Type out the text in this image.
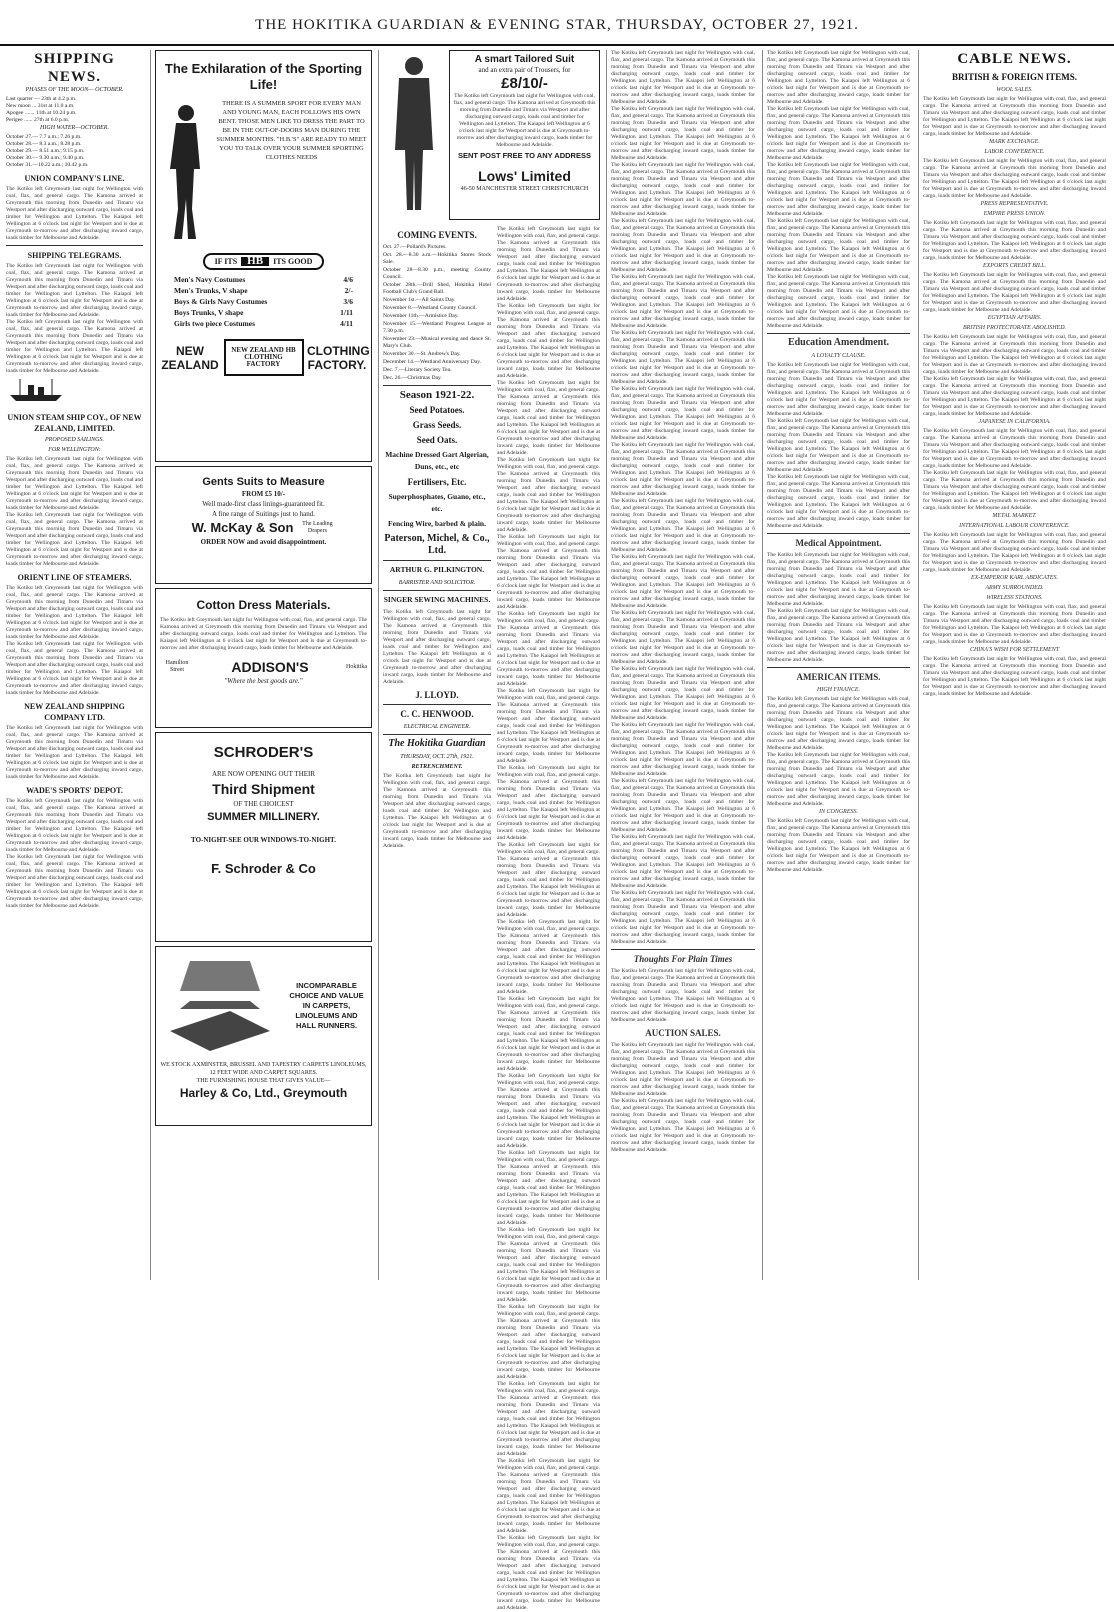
THE HOKITIKA GUARDIAN & EVENING STAR, THURSDAY, OCTOBER 27, 1921.
SHIPPING NEWS.
PHASES OF THE MOON— OCTOBER.
Last quarter — 23th at 4.2 p.m.
New moon ... 31st at 11.0 a.m.
Apogee ....... 11th at 10.24 p.m.
Perigee ...... 27th at 6.0 p.m.
HIGH WATER—OCTOBER.
October 27.— 7.7 a.m.; 7.26 p.m.
October 28.— 8.3 a.m.; 8.28 p.m.
October 29.— 8.51 a.m.; 9.15 p.m.
October 30.— 9.30 a.m.; 9.40 p.m.
October 31.—10.22 a.m.; 10.42 p.m.
UNION COMPANY'S LINE.
The Kotiku left Greymouth last night for Wellington with coal, flax, and general cargo. The Kamona arrived at Greymouth this morning from Dunedin and Timaru via Westport and after discharging outward cargo, loads coal and timber for Wellington and Lyttelton. The Kaiapoi left Wellington at 6 o'clock last night for Westport and is due at Greymouth to-morrow and after discharging inward cargo, loads timber for Melbourne and Adelaide.
SHIPPING TELEGRAMS.
The Kotiku left Greymouth last night for Wellington with coal, flax, and general cargo. The Kamona arrived at Greymouth this morning from Dunedin and Timaru via Westport and after discharging outward cargo, loads coal and timber for Wellington and Lyttelton. The Kaiapoi left Wellington at 6 o'clock last night for Westport and is due at Greymouth to-morrow and after discharging inward cargo, loads timber for Melbourne and Adelaide.
The Kotiku left Greymouth last night for Wellington with coal, flax, and general cargo. The Kamona arrived at Greymouth this morning from Dunedin and Timaru via Westport and after discharging outward cargo, loads coal and timber for Wellington and Lyttelton. The Kaiapoi left Wellington at 6 o'clock last night for Westport and is due at Greymouth to-morrow and after discharging inward cargo, loads timber for Melbourne and Adelaide.
UNION STEAM SHIP COY., OF NEW ZEALAND, LIMITED.
PROPOSED SAILINGS.
FOR WELLINGTON:
The Kotiku left Greymouth last night for Wellington with coal, flax, and general cargo. The Kamona arrived at Greymouth this morning from Dunedin and Timaru via Westport and after discharging outward cargo, loads coal and timber for Wellington and Lyttelton. The Kaiapoi left Wellington at 6 o'clock last night for Westport and is due at Greymouth to-morrow and after discharging inward cargo, loads timber for Melbourne and Adelaide.
The Kotiku left Greymouth last night for Wellington with coal, flax, and general cargo. The Kamona arrived at Greymouth this morning from Dunedin and Timaru via Westport and after discharging outward cargo, loads coal and timber for Wellington and Lyttelton. The Kaiapoi left Wellington at 6 o'clock last night for Westport and is due at Greymouth to-morrow and after discharging inward cargo, loads timber for Melbourne and Adelaide.
ORIENT LINE OF STEAMERS.
The Kotiku left Greymouth last night for Wellington with coal, flax, and general cargo. The Kamona arrived at Greymouth this morning from Dunedin and Timaru via Westport and after discharging outward cargo, loads coal and timber for Wellington and Lyttelton. The Kaiapoi left Wellington at 6 o'clock last night for Westport and is due at Greymouth to-morrow and after discharging inward cargo, loads timber for Melbourne and Adelaide.
The Kotiku left Greymouth last night for Wellington with coal, flax, and general cargo. The Kamona arrived at Greymouth this morning from Dunedin and Timaru via Westport and after discharging outward cargo, loads coal and timber for Wellington and Lyttelton. The Kaiapoi left Wellington at 6 o'clock last night for Westport and is due at Greymouth to-morrow and after discharging inward cargo, loads timber for Melbourne and Adelaide.
NEW ZEALAND SHIPPING COMPANY LTD.
The Kotiku left Greymouth last night for Wellington with coal, flax, and general cargo. The Kamona arrived at Greymouth this morning from Dunedin and Timaru via Westport and after discharging outward cargo, loads coal and timber for Wellington and Lyttelton. The Kaiapoi left Wellington at 6 o'clock last night for Westport and is due at Greymouth to-morrow and after discharging inward cargo, loads timber for Melbourne and Adelaide.
WADE'S SPORTS' DEPOT.
The Kotiku left Greymouth last night for Wellington with coal, flax, and general cargo. The Kamona arrived at Greymouth this morning from Dunedin and Timaru via Westport and after discharging outward cargo, loads coal and timber for Wellington and Lyttelton. The Kaiapoi left Wellington at 6 o'clock last night for Westport and is due at Greymouth to-morrow and after discharging inward cargo, loads timber for Melbourne and Adelaide.
The Kotiku left Greymouth last night for Wellington with coal, flax, and general cargo. The Kamona arrived at Greymouth this morning from Dunedin and Timaru via Westport and after discharging outward cargo, loads coal and timber for Wellington and Lyttelton. The Kaiapoi left Wellington at 6 o'clock last night for Westport and is due at Greymouth to-morrow and after discharging inward cargo, loads timber for Melbourne and Adelaide.
The Exhilaration of the Sporting Life!
THERE IS A SUMMER SPORT FOR EVERY MAN AND YOUNG MAN, EACH FOLLOWS HIS OWN BENT. THOSE MEN LIKE TO DRESS THE PART TO BE IN THE OUT-OF-DOORS MAN DURING THE SUMMER MONTHS. "H.B.'S" ARE READY TO MEET YOU TO TALK OVER YOUR SUMMER SPORTING CLOTHES NEEDS
IF ITS HB ITS GOOD
Men's Navy Costumes	4/6
Men's Trunks, V shape	2/-
Boys & Girls Navy Costumes	3/6
Boys Trunks, V shape	1/11
Girls two piece Costumes	4/11
NEW ZEALAND
NEW ZEALAND HB CLOTHING FACTORY
CLOTHING FACTORY.
Gents Suits to Measure
FROM £5 10/-
Well made-first class linings-guaranteed fit.
A fine range of Suitings just to hand.
W. McKay & Son	The Leading Drapers
ORDER NOW and avoid disappointment.
Cotton Dress Materials.
The Kotiku left Greymouth last night for Wellington with coal, flax, and general cargo. The Kamona arrived at Greymouth this morning from Dunedin and Timaru via Westport and after discharging outward cargo, loads coal and timber for Wellington and Lyttelton. The Kaiapoi left Wellington at 6 o'clock last night for Westport and is due at Greymouth to-morrow and after discharging inward cargo, loads timber for Melbourne and Adelaide.
Hamilton Street	ADDISON'S	Hokitika
"Where the best goods are."
SCHRODER'S
ARE NOW OPENING OUT THEIR
Third Shipment
OF THE CHOICEST
SUMMER MILLINERY.
TO-NIGHT-SEE OUR WINDOWS-TO-NIGHT.
F. Schroder & Co
INCOMPARABLE CHOICE AND VALUE IN CARPETS, LINOLEUMS AND HALL RUNNERS.
WE STOCK AXMINSTER, BRUSSEL AND TAPESTRY CARPETS LINOLEUMS, 12 FEET WIDE AND CARPET SQUARES.
THE FURNISHING HOUSE THAT GIVES VALUE—
Harley & Co, Ltd., Greymouth
A smart Tailored Suit
and an extra pair of Trousers, for
£8/10/-
The Kotiku left Greymouth last night for Wellington with coal, flax, and general cargo. The Kamona arrived at Greymouth this morning from Dunedin and Timaru via Westport and after discharging outward cargo, loads coal and timber for Wellington and Lyttelton. The Kaiapoi left Wellington at 6 o'clock last night for Westport and is due at Greymouth to-morrow and after discharging inward cargo, loads timber for Melbourne and Adelaide.
SENT POST FREE TO ANY ADDRESS
Lows' Limited
46-50 MANCHESTER STREET CHRISTCHURCH
COMING EVENTS.
Oct. 27.—Pollard's Pictures.
Oct. 28.—8.30 a.m.—Hokitika Stores Stock Sale.
October 28—8.30 p.m., meeting County Council.
October 28th.—Drill Shed, Hokitika Hotel Football Club's Grand Ball.
November 1st.—All Saints Day.
November 8.—Westland County Council.
November 11th.—Armistice Day.
November 15.—Westland Progress League at 7.30 p.m.
November 23.—Musical evening and dance St. Mary's Club.
November 30.—St. Andrew's Day.
December 14.—Westland Anniversary Day.
Dec. 7.—Literary Society Tea.
Dec. 26.—Christmas Day.
Season 1921-22.
Seed Potatoes.
Grass Seeds.
Seed Oats.
Machine Dressed Gart Algerian, Duns, etc., etc
Fertilisers, Etc.
Superphosphates, Guano, etc., etc.
Fencing Wire, barbed & plain.
Paterson, Michel, & Co., Ltd.
ARTHUR G. PILKINGTON.
BARRISTER AND SOLICITOR.
SINGER SEWING MACHINES.
The Kotiku left Greymouth last night for Wellington with coal, flax, and general cargo. The Kamona arrived at Greymouth this morning from Dunedin and Timaru via Westport and after discharging outward cargo, loads coal and timber for Wellington and Lyttelton. The Kaiapoi left Wellington at 6 o'clock last night for Westport and is due at Greymouth to-morrow and after discharging inward cargo, loads timber for Melbourne and Adelaide.
J. LLOYD.
C. C. HENWOOD.
ELECTRICAL ENGINEER.
The Hokitika Guardian
THURSDAY, OCT. 27th, 1921.
RETRENCHMENT.
The Kotiku left Greymouth last night for Wellington with coal, flax, and general cargo. The Kamona arrived at Greymouth this morning from Dunedin and Timaru via Westport and after discharging outward cargo, loads coal and timber for Wellington and Lyttelton. The Kaiapoi left Wellington at 6 o'clock last night for Westport and is due at Greymouth to-morrow and after discharging inward cargo, loads timber for Melbourne and Adelaide.
The Kotiku left Greymouth last night for Wellington with coal, flax, and general cargo. The Kamona arrived at Greymouth this morning from Dunedin and Timaru via Westport and after discharging outward cargo, loads coal and timber for Wellington and Lyttelton. The Kaiapoi left Wellington at 6 o'clock last night for Westport and is due at Greymouth to-morrow and after discharging inward cargo, loads timber for Melbourne and Adelaide.
The Kotiku left Greymouth last night for Wellington with coal, flax, and general cargo. The Kamona arrived at Greymouth this morning from Dunedin and Timaru via Westport and after discharging outward cargo, loads coal and timber for Wellington and Lyttelton. The Kaiapoi left Wellington at 6 o'clock last night for Westport and is due at Greymouth to-morrow and after discharging inward cargo, loads timber for Melbourne and Adelaide.
The Kotiku left Greymouth last night for Wellington with coal, flax, and general cargo. The Kamona arrived at Greymouth this morning from Dunedin and Timaru via Westport and after discharging outward cargo, loads coal and timber for Wellington and Lyttelton. The Kaiapoi left Wellington at 6 o'clock last night for Westport and is due at Greymouth to-morrow and after discharging inward cargo, loads timber for Melbourne and Adelaide.
The Kotiku left Greymouth last night for Wellington with coal, flax, and general cargo. The Kamona arrived at Greymouth this morning from Dunedin and Timaru via Westport and after discharging outward cargo, loads coal and timber for Wellington and Lyttelton. The Kaiapoi left Wellington at 6 o'clock last night for Westport and is due at Greymouth to-morrow and after discharging inward cargo, loads timber for Melbourne and Adelaide.
The Kotiku left Greymouth last night for Wellington with coal, flax, and general cargo. The Kamona arrived at Greymouth this morning from Dunedin and Timaru via Westport and after discharging outward cargo, loads coal and timber for Wellington and Lyttelton. The Kaiapoi left Wellington at 6 o'clock last night for Westport and is due at Greymouth to-morrow and after discharging inward cargo, loads timber for Melbourne and Adelaide.
The Kotiku left Greymouth last night for Wellington with coal, flax, and general cargo. The Kamona arrived at Greymouth this morning from Dunedin and Timaru via Westport and after discharging outward cargo, loads coal and timber for Wellington and Lyttelton. The Kaiapoi left Wellington at 6 o'clock last night for Westport and is due at Greymouth to-morrow and after discharging inward cargo, loads timber for Melbourne and Adelaide.
The Kotiku left Greymouth last night for Wellington with coal, flax, and general cargo. The Kamona arrived at Greymouth this morning from Dunedin and Timaru via Westport and after discharging outward cargo, loads coal and timber for Wellington and Lyttelton. The Kaiapoi left Wellington at 6 o'clock last night for Westport and is due at Greymouth to-morrow and after discharging inward cargo, loads timber for Melbourne and Adelaide.
The Kotiku left Greymouth last night for Wellington with coal, flax, and general cargo. The Kamona arrived at Greymouth this morning from Dunedin and Timaru via Westport and after discharging outward cargo, loads coal and timber for Wellington and Lyttelton. The Kaiapoi left Wellington at 6 o'clock last night for Westport and is due at Greymouth to-morrow and after discharging inward cargo, loads timber for Melbourne and Adelaide.
The Kotiku left Greymouth last night for Wellington with coal, flax, and general cargo. The Kamona arrived at Greymouth this morning from Dunedin and Timaru via Westport and after discharging outward cargo, loads coal and timber for Wellington and Lyttelton. The Kaiapoi left Wellington at 6 o'clock last night for Westport and is due at Greymouth to-morrow and after discharging inward cargo, loads timber for Melbourne and Adelaide.
The Kotiku left Greymouth last night for Wellington with coal, flax, and general cargo. The Kamona arrived at Greymouth this morning from Dunedin and Timaru via Westport and after discharging outward cargo, loads coal and timber for Wellington and Lyttelton. The Kaiapoi left Wellington at 6 o'clock last night for Westport and is due at Greymouth to-morrow and after discharging inward cargo, loads timber for Melbourne and Adelaide.
The Kotiku left Greymouth last night for Wellington with coal, flax, and general cargo. The Kamona arrived at Greymouth this morning from Dunedin and Timaru via Westport and after discharging outward cargo, loads coal and timber for Wellington and Lyttelton. The Kaiapoi left Wellington at 6 o'clock last night for Westport and is due at Greymouth to-morrow and after discharging inward cargo, loads timber for Melbourne and Adelaide.
The Kotiku left Greymouth last night for Wellington with coal, flax, and general cargo. The Kamona arrived at Greymouth this morning from Dunedin and Timaru via Westport and after discharging outward cargo, loads coal and timber for Wellington and Lyttelton. The Kaiapoi left Wellington at 6 o'clock last night for Westport and is due at Greymouth to-morrow and after discharging inward cargo, loads timber for Melbourne and Adelaide.
The Kotiku left Greymouth last night for Wellington with coal, flax, and general cargo. The Kamona arrived at Greymouth this morning from Dunedin and Timaru via Westport and after discharging outward cargo, loads coal and timber for Wellington and Lyttelton. The Kaiapoi left Wellington at 6 o'clock last night for Westport and is due at Greymouth to-morrow and after discharging inward cargo, loads timber for Melbourne and Adelaide.
The Kotiku left Greymouth last night for Wellington with coal, flax, and general cargo. The Kamona arrived at Greymouth this morning from Dunedin and Timaru via Westport and after discharging outward cargo, loads coal and timber for Wellington and Lyttelton. The Kaiapoi left Wellington at 6 o'clock last night for Westport and is due at Greymouth to-morrow and after discharging inward cargo, loads timber for Melbourne and Adelaide.
The Kotiku left Greymouth last night for Wellington with coal, flax, and general cargo. The Kamona arrived at Greymouth this morning from Dunedin and Timaru via Westport and after discharging outward cargo, loads coal and timber for Wellington and Lyttelton. The Kaiapoi left Wellington at 6 o'clock last night for Westport and is due at Greymouth to-morrow and after discharging inward cargo, loads timber for Melbourne and Adelaide.
The Kotiku left Greymouth last night for Wellington with coal, flax, and general cargo. The Kamona arrived at Greymouth this morning from Dunedin and Timaru via Westport and after discharging outward cargo, loads coal and timber for Wellington and Lyttelton. The Kaiapoi left Wellington at 6 o'clock last night for Westport and is due at Greymouth to-morrow and after discharging inward cargo, loads timber for Melbourne and Adelaide.
The Kotiku left Greymouth last night for Wellington with coal, flax, and general cargo. The Kamona arrived at Greymouth this morning from Dunedin and Timaru via Westport and after discharging outward cargo, loads coal and timber for Wellington and Lyttelton. The Kaiapoi left Wellington at 6 o'clock last night for Westport and is due at Greymouth to-morrow and after discharging inward cargo, loads timber for Melbourne and Adelaide.
The Kotiku left Greymouth last night for Wellington with coal, flax, and general cargo. The Kamona arrived at Greymouth this morning from Dunedin and Timaru via Westport and after discharging outward cargo, loads coal and timber for Wellington and Lyttelton. The Kaiapoi left Wellington at 6 o'clock last night for Westport and is due at Greymouth to-morrow and after discharging inward cargo, loads timber for Melbourne and Adelaide.
The Kotiku left Greymouth last night for Wellington with coal, flax, and general cargo. The Kamona arrived at Greymouth this morning from Dunedin and Timaru via Westport and after discharging outward cargo, loads coal and timber for Wellington and Lyttelton. The Kaiapoi left Wellington at 6 o'clock last night for Westport and is due at Greymouth to-morrow and after discharging inward cargo, loads timber for Melbourne and Adelaide.
The Kotiku left Greymouth last night for Wellington with coal, flax, and general cargo. The Kamona arrived at Greymouth this morning from Dunedin and Timaru via Westport and after discharging outward cargo, loads coal and timber for Wellington and Lyttelton. The Kaiapoi left Wellington at 6 o'clock last night for Westport and is due at Greymouth to-morrow and after discharging inward cargo, loads timber for Melbourne and Adelaide.
The Kotiku left Greymouth last night for Wellington with coal, flax, and general cargo. The Kamona arrived at Greymouth this morning from Dunedin and Timaru via Westport and after discharging outward cargo, loads coal and timber for Wellington and Lyttelton. The Kaiapoi left Wellington at 6 o'clock last night for Westport and is due at Greymouth to-morrow and after discharging inward cargo, loads timber for Melbourne and Adelaide.
The Kotiku left Greymouth last night for Wellington with coal, flax, and general cargo. The Kamona arrived at Greymouth this morning from Dunedin and Timaru via Westport and after discharging outward cargo, loads coal and timber for Wellington and Lyttelton. The Kaiapoi left Wellington at 6 o'clock last night for Westport and is due at Greymouth to-morrow and after discharging inward cargo, loads timber for Melbourne and Adelaide.
The Kotiku left Greymouth last night for Wellington with coal, flax, and general cargo. The Kamona arrived at Greymouth this morning from Dunedin and Timaru via Westport and after discharging outward cargo, loads coal and timber for Wellington and Lyttelton. The Kaiapoi left Wellington at 6 o'clock last night for Westport and is due at Greymouth to-morrow and after discharging inward cargo, loads timber for Melbourne and Adelaide.
The Kotiku left Greymouth last night for Wellington with coal, flax, and general cargo. The Kamona arrived at Greymouth this morning from Dunedin and Timaru via Westport and after discharging outward cargo, loads coal and timber for Wellington and Lyttelton. The Kaiapoi left Wellington at 6 o'clock last night for Westport and is due at Greymouth to-morrow and after discharging inward cargo, loads timber for Melbourne and Adelaide.
The Kotiku left Greymouth last night for Wellington with coal, flax, and general cargo. The Kamona arrived at Greymouth this morning from Dunedin and Timaru via Westport and after discharging outward cargo, loads coal and timber for Wellington and Lyttelton. The Kaiapoi left Wellington at 6 o'clock last night for Westport and is due at Greymouth to-morrow and after discharging inward cargo, loads timber for Melbourne and Adelaide.
The Kotiku left Greymouth last night for Wellington with coal, flax, and general cargo. The Kamona arrived at Greymouth this morning from Dunedin and Timaru via Westport and after discharging outward cargo, loads coal and timber for Wellington and Lyttelton. The Kaiapoi left Wellington at 6 o'clock last night for Westport and is due at Greymouth to-morrow and after discharging inward cargo, loads timber for Melbourne and Adelaide.
The Kotiku left Greymouth last night for Wellington with coal, flax, and general cargo. The Kamona arrived at Greymouth this morning from Dunedin and Timaru via Westport and after discharging outward cargo, loads coal and timber for Wellington and Lyttelton. The Kaiapoi left Wellington at 6 o'clock last night for Westport and is due at Greymouth to-morrow and after discharging inward cargo, loads timber for Melbourne and Adelaide.
The Kotiku left Greymouth last night for Wellington with coal, flax, and general cargo. The Kamona arrived at Greymouth this morning from Dunedin and Timaru via Westport and after discharging outward cargo, loads coal and timber for Wellington and Lyttelton. The Kaiapoi left Wellington at 6 o'clock last night for Westport and is due at Greymouth to-morrow and after discharging inward cargo, loads timber for Melbourne and Adelaide.
The Kotiku left Greymouth last night for Wellington with coal, flax, and general cargo. The Kamona arrived at Greymouth this morning from Dunedin and Timaru via Westport and after discharging outward cargo, loads coal and timber for Wellington and Lyttelton. The Kaiapoi left Wellington at 6 o'clock last night for Westport and is due at Greymouth to-morrow and after discharging inward cargo, loads timber for Melbourne and Adelaide.
The Kotiku left Greymouth last night for Wellington with coal, flax, and general cargo. The Kamona arrived at Greymouth this morning from Dunedin and Timaru via Westport and after discharging outward cargo, loads coal and timber for Wellington and Lyttelton. The Kaiapoi left Wellington at 6 o'clock last night for Westport and is due at Greymouth to-morrow and after discharging inward cargo, loads timber for Melbourne and Adelaide.
The Kotiku left Greymouth last night for Wellington with coal, flax, and general cargo. The Kamona arrived at Greymouth this morning from Dunedin and Timaru via Westport and after discharging outward cargo, loads coal and timber for Wellington and Lyttelton. The Kaiapoi left Wellington at 6 o'clock last night for Westport and is due at Greymouth to-morrow and after discharging inward cargo, loads timber for Melbourne and Adelaide.
The Kotiku left Greymouth last night for Wellington with coal, flax, and general cargo. The Kamona arrived at Greymouth this morning from Dunedin and Timaru via Westport and after discharging outward cargo, loads coal and timber for Wellington and Lyttelton. The Kaiapoi left Wellington at 6 o'clock last night for Westport and is due at Greymouth to-morrow and after discharging inward cargo, loads timber for Melbourne and Adelaide.
The Kotiku left Greymouth last night for Wellington with coal, flax, and general cargo. The Kamona arrived at Greymouth this morning from Dunedin and Timaru via Westport and after discharging outward cargo, loads coal and timber for Wellington and Lyttelton. The Kaiapoi left Wellington at 6 o'clock last night for Westport and is due at Greymouth to-morrow and after discharging inward cargo, loads timber for Melbourne and Adelaide.
The Kotiku left Greymouth last night for Wellington with coal, flax, and general cargo. The Kamona arrived at Greymouth this morning from Dunedin and Timaru via Westport and after discharging outward cargo, loads coal and timber for Wellington and Lyttelton. The Kaiapoi left Wellington at 6 o'clock last night for Westport and is due at Greymouth to-morrow and after discharging inward cargo, loads timber for Melbourne and Adelaide.
Thoughts For Plain Times
The Kotiku left Greymouth last night for Wellington with coal, flax, and general cargo. The Kamona arrived at Greymouth this morning from Dunedin and Timaru via Westport and after discharging outward cargo, loads coal and timber for Wellington and Lyttelton. The Kaiapoi left Wellington at 6 o'clock last night for Westport and is due at Greymouth to-morrow and after discharging inward cargo, loads timber for Melbourne and Adelaide.
AUCTION SALES.
The Kotiku left Greymouth last night for Wellington with coal, flax, and general cargo. The Kamona arrived at Greymouth this morning from Dunedin and Timaru via Westport and after discharging outward cargo, loads coal and timber for Wellington and Lyttelton. The Kaiapoi left Wellington at 6 o'clock last night for Westport and is due at Greymouth to-morrow and after discharging inward cargo, loads timber for Melbourne and Adelaide.
The Kotiku left Greymouth last night for Wellington with coal, flax, and general cargo. The Kamona arrived at Greymouth this morning from Dunedin and Timaru via Westport and after discharging outward cargo, loads coal and timber for Wellington and Lyttelton. The Kaiapoi left Wellington at 6 o'clock last night for Westport and is due at Greymouth to-morrow and after discharging inward cargo, loads timber for Melbourne and Adelaide.
The Kotiku left Greymouth last night for Wellington with coal, flax, and general cargo. The Kamona arrived at Greymouth this morning from Dunedin and Timaru via Westport and after discharging outward cargo, loads coal and timber for Wellington and Lyttelton. The Kaiapoi left Wellington at 6 o'clock last night for Westport and is due at Greymouth to-morrow and after discharging inward cargo, loads timber for Melbourne and Adelaide.
The Kotiku left Greymouth last night for Wellington with coal, flax, and general cargo. The Kamona arrived at Greymouth this morning from Dunedin and Timaru via Westport and after discharging outward cargo, loads coal and timber for Wellington and Lyttelton. The Kaiapoi left Wellington at 6 o'clock last night for Westport and is due at Greymouth to-morrow and after discharging inward cargo, loads timber for Melbourne and Adelaide.
The Kotiku left Greymouth last night for Wellington with coal, flax, and general cargo. The Kamona arrived at Greymouth this morning from Dunedin and Timaru via Westport and after discharging outward cargo, loads coal and timber for Wellington and Lyttelton. The Kaiapoi left Wellington at 6 o'clock last night for Westport and is due at Greymouth to-morrow and after discharging inward cargo, loads timber for Melbourne and Adelaide.
The Kotiku left Greymouth last night for Wellington with coal, flax, and general cargo. The Kamona arrived at Greymouth this morning from Dunedin and Timaru via Westport and after discharging outward cargo, loads coal and timber for Wellington and Lyttelton. The Kaiapoi left Wellington at 6 o'clock last night for Westport and is due at Greymouth to-morrow and after discharging inward cargo, loads timber for Melbourne and Adelaide.
The Kotiku left Greymouth last night for Wellington with coal, flax, and general cargo. The Kamona arrived at Greymouth this morning from Dunedin and Timaru via Westport and after discharging outward cargo, loads coal and timber for Wellington and Lyttelton. The Kaiapoi left Wellington at 6 o'clock last night for Westport and is due at Greymouth to-morrow and after discharging inward cargo, loads timber for Melbourne and Adelaide.
Education Amendment.
A LOYALTY CLAUSE.
The Kotiku left Greymouth last night for Wellington with coal, flax, and general cargo. The Kamona arrived at Greymouth this morning from Dunedin and Timaru via Westport and after discharging outward cargo, loads coal and timber for Wellington and Lyttelton. The Kaiapoi left Wellington at 6 o'clock last night for Westport and is due at Greymouth to-morrow and after discharging inward cargo, loads timber for Melbourne and Adelaide.
The Kotiku left Greymouth last night for Wellington with coal, flax, and general cargo. The Kamona arrived at Greymouth this morning from Dunedin and Timaru via Westport and after discharging outward cargo, loads coal and timber for Wellington and Lyttelton. The Kaiapoi left Wellington at 6 o'clock last night for Westport and is due at Greymouth to-morrow and after discharging inward cargo, loads timber for Melbourne and Adelaide.
The Kotiku left Greymouth last night for Wellington with coal, flax, and general cargo. The Kamona arrived at Greymouth this morning from Dunedin and Timaru via Westport and after discharging outward cargo, loads coal and timber for Wellington and Lyttelton. The Kaiapoi left Wellington at 6 o'clock last night for Westport and is due at Greymouth to-morrow and after discharging inward cargo, loads timber for Melbourne and Adelaide.
Medical Appointment.
The Kotiku left Greymouth last night for Wellington with coal, flax, and general cargo. The Kamona arrived at Greymouth this morning from Dunedin and Timaru via Westport and after discharging outward cargo, loads coal and timber for Wellington and Lyttelton. The Kaiapoi left Wellington at 6 o'clock last night for Westport and is due at Greymouth to-morrow and after discharging inward cargo, loads timber for Melbourne and Adelaide.
The Kotiku left Greymouth last night for Wellington with coal, flax, and general cargo. The Kamona arrived at Greymouth this morning from Dunedin and Timaru via Westport and after discharging outward cargo, loads coal and timber for Wellington and Lyttelton. The Kaiapoi left Wellington at 6 o'clock last night for Westport and is due at Greymouth to-morrow and after discharging inward cargo, loads timber for Melbourne and Adelaide.
AMERICAN ITEMS.
HIGH FINANCE.
The Kotiku left Greymouth last night for Wellington with coal, flax, and general cargo. The Kamona arrived at Greymouth this morning from Dunedin and Timaru via Westport and after discharging outward cargo, loads coal and timber for Wellington and Lyttelton. The Kaiapoi left Wellington at 6 o'clock last night for Westport and is due at Greymouth to-morrow and after discharging inward cargo, loads timber for Melbourne and Adelaide.
The Kotiku left Greymouth last night for Wellington with coal, flax, and general cargo. The Kamona arrived at Greymouth this morning from Dunedin and Timaru via Westport and after discharging outward cargo, loads coal and timber for Wellington and Lyttelton. The Kaiapoi left Wellington at 6 o'clock last night for Westport and is due at Greymouth to-morrow and after discharging inward cargo, loads timber for Melbourne and Adelaide.
IN CONGRESS.
The Kotiku left Greymouth last night for Wellington with coal, flax, and general cargo. The Kamona arrived at Greymouth this morning from Dunedin and Timaru via Westport and after discharging outward cargo, loads coal and timber for Wellington and Lyttelton. The Kaiapoi left Wellington at 6 o'clock last night for Westport and is due at Greymouth to-morrow and after discharging inward cargo, loads timber for Melbourne and Adelaide.
CABLE NEWS.
BRITISH & FOREIGN ITEMS.
WOOL SALES.
The Kotiku left Greymouth last night for Wellington with coal, flax, and general cargo. The Kamona arrived at Greymouth this morning from Dunedin and Timaru via Westport and after discharging outward cargo, loads coal and timber for Wellington and Lyttelton. The Kaiapoi left Wellington at 6 o'clock last night for Westport and is due at Greymouth to-morrow and after discharging inward cargo, loads timber for Melbourne and Adelaide.
MARK EXCHANGE.
LABOR CONFERENCE.
The Kotiku left Greymouth last night for Wellington with coal, flax, and general cargo. The Kamona arrived at Greymouth this morning from Dunedin and Timaru via Westport and after discharging outward cargo, loads coal and timber for Wellington and Lyttelton. The Kaiapoi left Wellington at 6 o'clock last night for Westport and is due at Greymouth to-morrow and after discharging inward cargo, loads timber for Melbourne and Adelaide.
PRESS REPRESENTATIVE.
EMPIRE PRESS UNION.
The Kotiku left Greymouth last night for Wellington with coal, flax, and general cargo. The Kamona arrived at Greymouth this morning from Dunedin and Timaru via Westport and after discharging outward cargo, loads coal and timber for Wellington and Lyttelton. The Kaiapoi left Wellington at 6 o'clock last night for Westport and is due at Greymouth to-morrow and after discharging inward cargo, loads timber for Melbourne and Adelaide.
EXPORTS CREDIT BILL.
The Kotiku left Greymouth last night for Wellington with coal, flax, and general cargo. The Kamona arrived at Greymouth this morning from Dunedin and Timaru via Westport and after discharging outward cargo, loads coal and timber for Wellington and Lyttelton. The Kaiapoi left Wellington at 6 o'clock last night for Westport and is due at Greymouth to-morrow and after discharging inward cargo, loads timber for Melbourne and Adelaide.
EGYPTIAN AFFAIRS.
BRITISH PROTECTORATE ABOLISHED.
The Kotiku left Greymouth last night for Wellington with coal, flax, and general cargo. The Kamona arrived at Greymouth this morning from Dunedin and Timaru via Westport and after discharging outward cargo, loads coal and timber for Wellington and Lyttelton. The Kaiapoi left Wellington at 6 o'clock last night for Westport and is due at Greymouth to-morrow and after discharging inward cargo, loads timber for Melbourne and Adelaide.
The Kotiku left Greymouth last night for Wellington with coal, flax, and general cargo. The Kamona arrived at Greymouth this morning from Dunedin and Timaru via Westport and after discharging outward cargo, loads coal and timber for Wellington and Lyttelton. The Kaiapoi left Wellington at 6 o'clock last night for Westport and is due at Greymouth to-morrow and after discharging inward cargo, loads timber for Melbourne and Adelaide.
JAPANESE IN CALIFORNIA.
The Kotiku left Greymouth last night for Wellington with coal, flax, and general cargo. The Kamona arrived at Greymouth this morning from Dunedin and Timaru via Westport and after discharging outward cargo, loads coal and timber for Wellington and Lyttelton. The Kaiapoi left Wellington at 6 o'clock last night for Westport and is due at Greymouth to-morrow and after discharging inward cargo, loads timber for Melbourne and Adelaide.
The Kotiku left Greymouth last night for Wellington with coal, flax, and general cargo. The Kamona arrived at Greymouth this morning from Dunedin and Timaru via Westport and after discharging outward cargo, loads coal and timber for Wellington and Lyttelton. The Kaiapoi left Wellington at 6 o'clock last night for Westport and is due at Greymouth to-morrow and after discharging inward cargo, loads timber for Melbourne and Adelaide.
METAL MARKET.
INTERNATIONAL LABOUR CONFERENCE.
The Kotiku left Greymouth last night for Wellington with coal, flax, and general cargo. The Kamona arrived at Greymouth this morning from Dunedin and Timaru via Westport and after discharging outward cargo, loads coal and timber for Wellington and Lyttelton. The Kaiapoi left Wellington at 6 o'clock last night for Westport and is due at Greymouth to-morrow and after discharging inward cargo, loads timber for Melbourne and Adelaide.
EX-EMPEROR KARL ABDICATES.
ARMY SURROUNDED.
WIRELESS STATIONS.
The Kotiku left Greymouth last night for Wellington with coal, flax, and general cargo. The Kamona arrived at Greymouth this morning from Dunedin and Timaru via Westport and after discharging outward cargo, loads coal and timber for Wellington and Lyttelton. The Kaiapoi left Wellington at 6 o'clock last night for Westport and is due at Greymouth to-morrow and after discharging inward cargo, loads timber for Melbourne and Adelaide.
CHINA'S WISH FOR SETTLEMENT
The Kotiku left Greymouth last night for Wellington with coal, flax, and general cargo. The Kamona arrived at Greymouth this morning from Dunedin and Timaru via Westport and after discharging outward cargo, loads coal and timber for Wellington and Lyttelton. The Kaiapoi left Wellington at 6 o'clock last night for Westport and is due at Greymouth to-morrow and after discharging inward cargo, loads timber for Melbourne and Adelaide.
